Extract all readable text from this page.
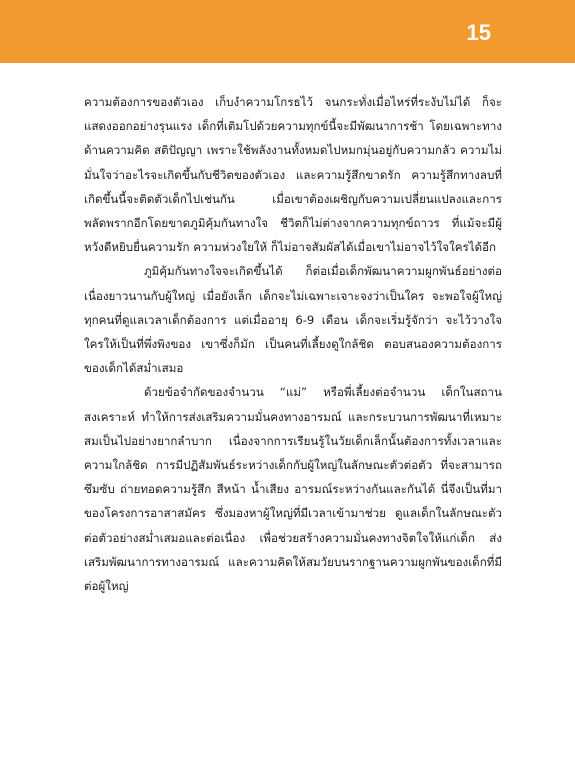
15

ความต้องการของตัวเอง เก็บงำความโกรธไว้ จนกระทั่งเมื่อไหร่ที่ระงับไม่ได้ ก็จะแสดงออกอย่างรุนแรง เด็กที่เติมโปด้วยความทุกข์นี้จะมีพัฒนาการช้า โดยเฉพาะทางด้านความคิด สติปัญญา เพราะใช้พลังงานทั้งหมดไปหมกมุ่นอยู่กับความกลัว ความไม่มั่นใจว่าอะไรจะเกิดขึ้นกับชีวิตของตัวเอง และความรู้สึกขาดรัก ความรู้สึกทางลบที่เกิดขึ้นนี้จะติดตัวเด็กไปเช่นกัน เมื่อเขาต้องเผชิญกับความเปลี่ยนแปลงและการพลัดพรากอีกโดยขาดภูมิคุ้มกันทางใจ ชีวิตก็ไม่ต่างจากความทุกข์ถาวร ที่แม้จะมีผู้หวังดีหยิบยื่นความรัก ความห่วงใยให้ ก็ไม่อาจสัมผัสได้เมื่อเขาไม่อาจไว้ใจใครได้อีก

ภูมิคุ้มกันทางใจจะเกิดขึ้นได้ ก็ต่อเมื่อเด็กพัฒนาความผูกพันธ์อย่างต่อเนื่องยาวนานกับผู้ใหญ่ เมื่อยังเล็ก เด็กจะไม่เฉพาะเจาะจงว่าเป็นใคร จะพอใจผู้ใหญ่ทุกคนที่ดูแลเวลาเด็กต้องการ แต่เมื่ออายุ 6-9 เดือน เด็กจะเริ่มรู้จักว่า จะไว้วางใจใครให้เป็นที่พึ่งพิงของ เขาซึ่งก็มัก เป็นคนที่เลี้ยงดูใกล้ชิด ตอบสนองความต้องการของเด็กได้สม่ำเสมอ

ด้วยข้อจำกัดของจำนวน “แม่” หรือพี่เลี้ยงต่อจำนวน เด็กในสถานสงเคราะห์ ทำให้การส่งเสริมความมั่นคงทางอารมณ์ และกระบวนการพัฒนาที่เหมาะสมเป็นไปอย่างยากลำบาก เนื่องจากการเรียนรู้ในวัยเด็กเล็กนั้นต้องการทั้งเวลาและความใกล้ชิด การมีปฏิสัมพันธ์ระหว่างเด็กกับผู้ใหญ่ในลักษณะตัวต่อตัว ที่จะสามารถซึมซับ ถ่ายทอดความรู้สึก สีหน้า น้ำเสียง อารมณ์ระหว่างกันและกันได้ นี่จึงเป็นที่มาของโครงการอาสาสมัคร ซึ่งมองหาผู้ใหญ่ที่มีเวลาเข้ามาช่วย ดูแลเด็กในลักษณะตัวต่อตัวอย่างสม่ำเสมอและต่อเนื่อง เพื่อช่วยสร้างความมั่นคงทางจิตใจให้แก่เด็ก ส่งเสริมพัฒนาการทางอารมณ์ และความคิดให้สมวัยบนรากฐานความผูกพันของเด็กที่มีต่อผู้ใหญ่
